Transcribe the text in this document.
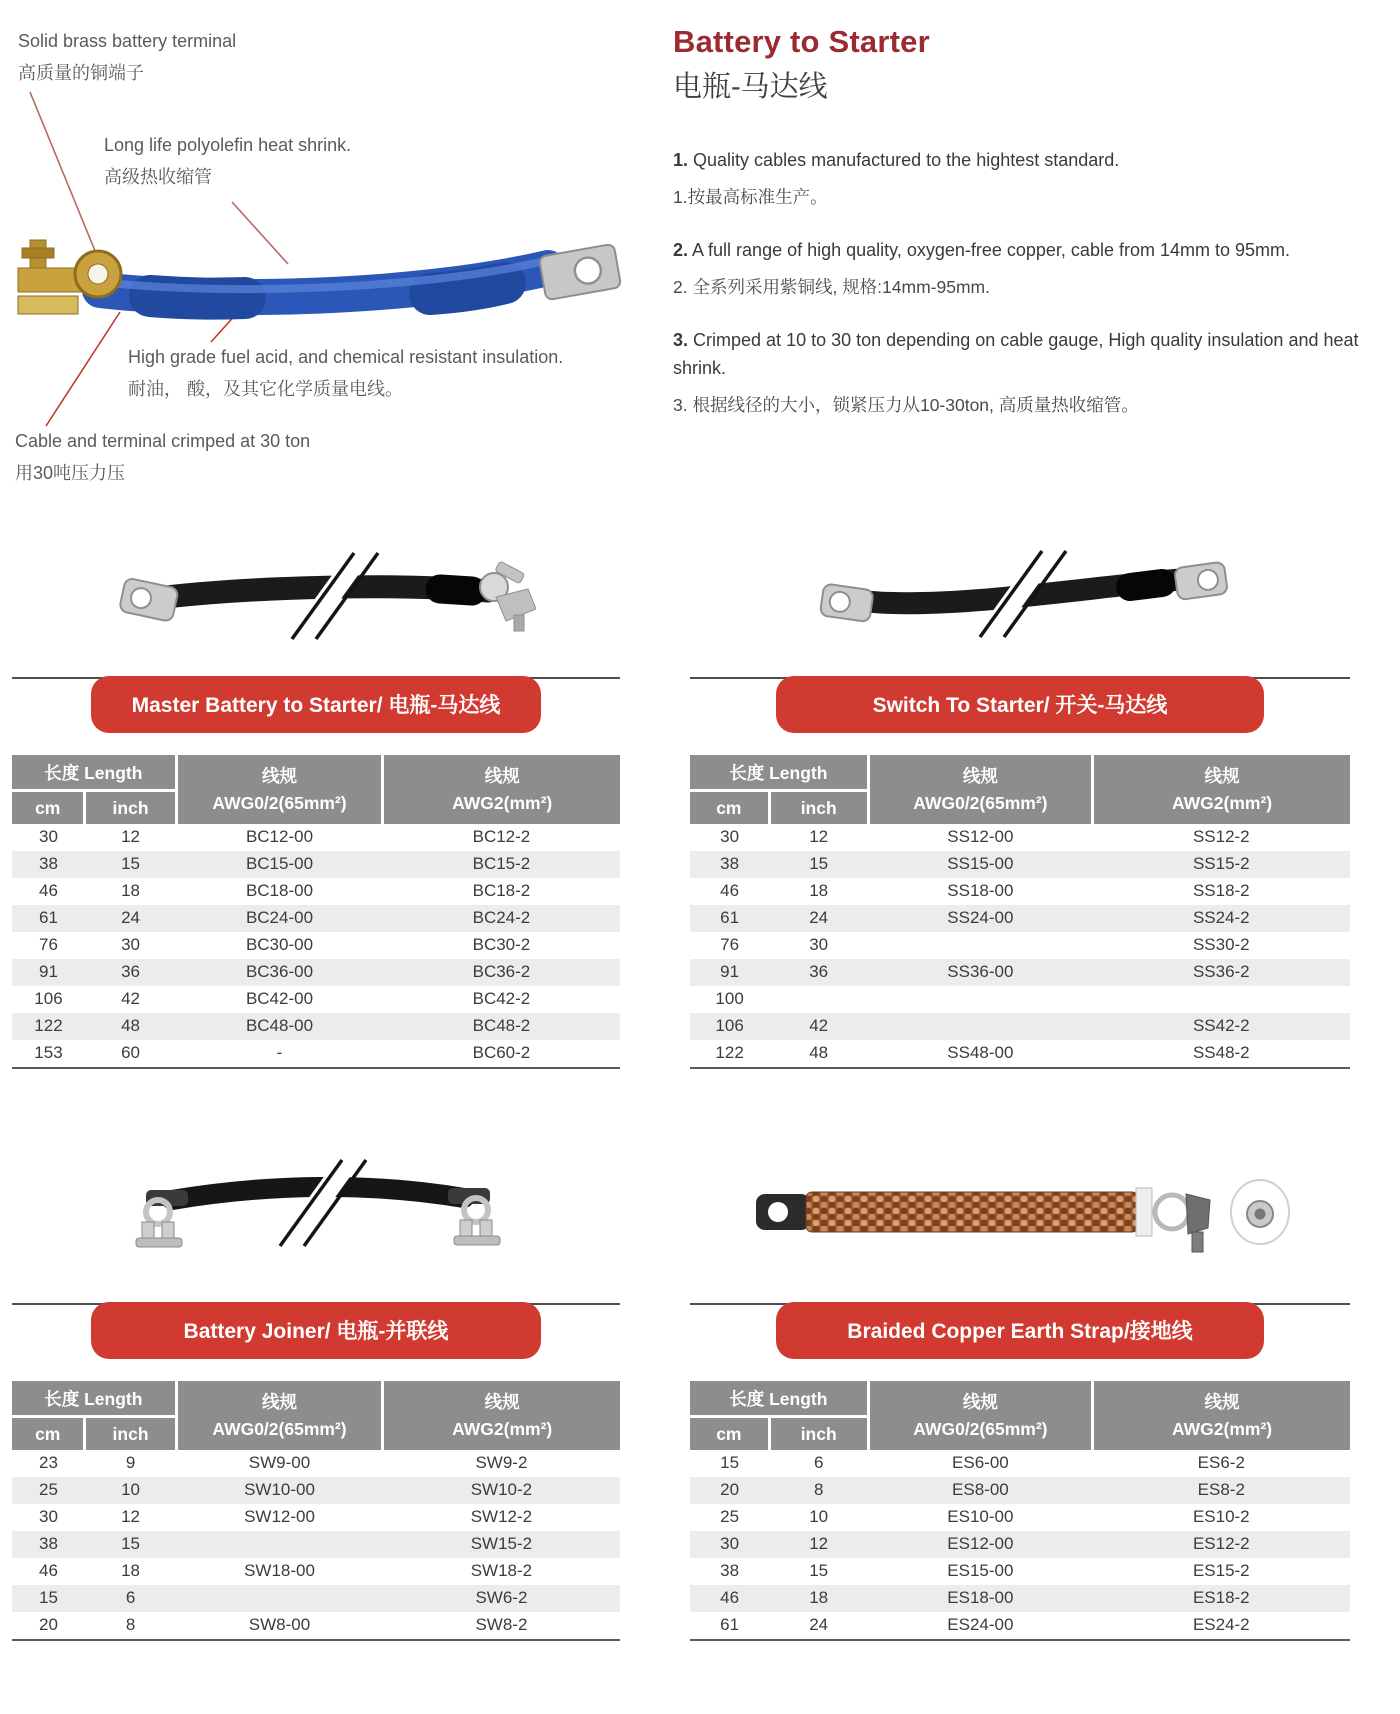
Solid brass battery terminal
高质量的铜端子
Long life polyolefin heat shrink.
高级热收缩管
High grade fuel acid, and chemical resistant insulation.
耐油， 酸，及其它化学质量电线。
Cable and terminal crimped at 30 ton
用30吨压力压
Battery to Starter
电瓶-马达线

1. Quality cables manufactured to the hightest standard.

1.按最高标准生产。

2. A full range of high quality, oxygen-free copper, cable from 14mm to 95mm.

2. 全系列采用紫铜线, 规格:14mm-95mm.

3. Crimped at 10 to 30 ton depending on cable gauge, High quality insulation and heat shrink.

3. 根据线径的大小，锁紧压力从10-30ton, 高质量热收缩管。

Master Battery to Starter/ 电瓶-马达线
长度 Length		线规
AWG0/2(65mm²)	线规
AWG2(mm²)
cm	inch		
30	12	BC12-00	BC12-2
38	15	BC15-00	BC15-2
46	18	BC18-00	BC18-2
61	24	BC24-00	BC24-2
76	30	BC30-00	BC30-2
91	36	BC36-00	BC36-2
106	42	BC42-00	BC42-2
122	48	BC48-00	BC48-2
153	60	-	BC60-2
Switch To Starter/ 开关-马达线
长度 Length		线规
AWG0/2(65mm²)	线规
AWG2(mm²)
cm	inch		
30	12	SS12-00	SS12-2
38	15	SS15-00	SS15-2
46	18	SS18-00	SS18-2
61	24	SS24-00	SS24-2
76	30		SS30-2
91	36	SS36-00	SS36-2
100			
106	42		SS42-2
122	48	SS48-00	SS48-2
Battery Joiner/ 电瓶-并联线
长度 Length		线规
AWG0/2(65mm²)	线规
AWG2(mm²)
cm	inch		
23	9	SW9-00	SW9-2
25	10	SW10-00	SW10-2
30	12	SW12-00	SW12-2
38	15		SW15-2
46	18	SW18-00	SW18-2
15	6		SW6-2
20	8	SW8-00	SW8-2
Braided Copper Earth Strap/接地线
长度 Length		线规
AWG0/2(65mm²)	线规
AWG2(mm²)
cm	inch		
15	6	ES6-00	ES6-2
20	8	ES8-00	ES8-2
25	10	ES10-00	ES10-2
30	12	ES12-00	ES12-2
38	15	ES15-00	ES15-2
46	18	ES18-00	ES18-2
61	24	ES24-00	ES24-2
